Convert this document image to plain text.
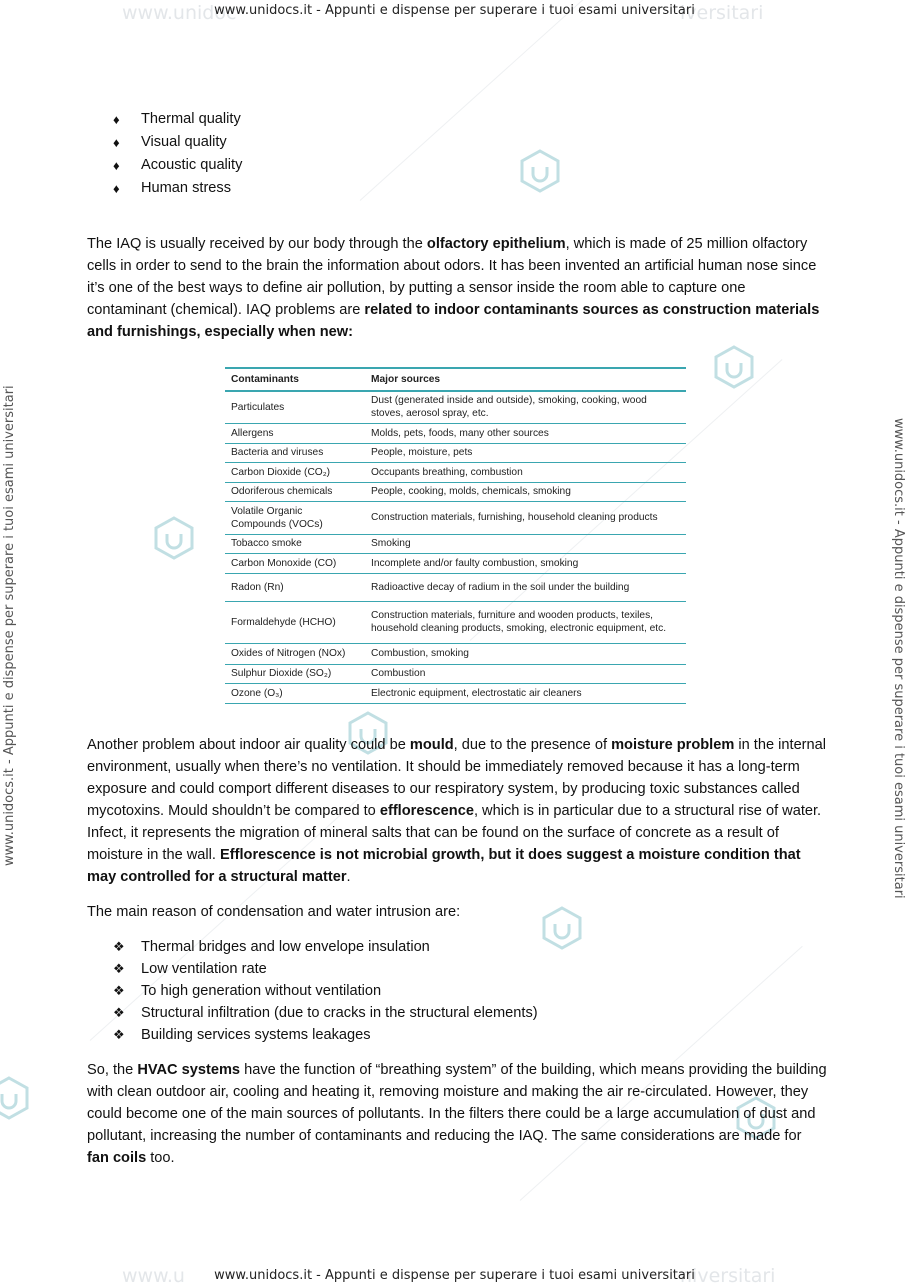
www.unidoc	iversitari
www.unidocs.it - Appunti e dispense per superare i tuoi esami universitari
www.u	niversitari
www.unidocs.it - Appunti e dispense per superare i tuoi esami universitari
www.unidocs.it - Appunti e dispense per superare i tuoi esami universitari	www.unidocs.it - Appunti e dispense per superare i tuoi esami universitari
♦	Thermal quality
♦	Visual quality
♦	Acoustic quality
♦	Human stress

The IAQ is usually received by our body through the olfactory epithelium, which is made of 25 million olfactory cells in order to send to the brain the information about odors. It has been invented an artificial human nose since it’s one of the best ways to define air pollution, by putting a sensor inside the room able to capture one contaminant (chemical). IAQ problems are related to indoor contaminants sources as construction materials and furnishings, especially when new:

Contaminants	Major sources
Particulates	Dust (generated inside and outside), smoking, cooking, wood stoves, aerosol spray, etc.
Allergens	Molds, pets, foods, many other sources
Bacteria and viruses	People, moisture, pets
Carbon Dioxide (CO₂)	Occupants breathing, combustion
Odoriferous chemicals	People, cooking, molds, chemicals, smoking
Volatile Organic Compounds (VOCs)	Construction materials, furnishing, household cleaning products
Tobacco smoke	Smoking
Carbon Monoxide (CO)	Incomplete and/or faulty combustion, smoking
Radon (Rn)	Radioactive decay of radium in the soil under the building
Formaldehyde (HCHO)	Construction materials, furniture and wooden products, texiles, household cleaning products, smoking, electronic equipment, etc.
Oxides of Nitrogen (NOx)	Combustion, smoking
Sulphur Dioxide (SO₂)	Combustion
Ozone (O₃)	Electronic equipment, electrostatic air cleaners

Another problem about indoor air quality could be mould, due to the presence of moisture problem in the internal environment, usually when there’s no ventilation. It should be immediately removed because it has a long-term exposure and could comport different diseases to our respiratory system, by producing toxic substances called mycotoxins. Mould shouldn’t be compared to efflorescence, which is in particular due to a structural rise of water. Infect, it represents the migration of mineral salts that can be found on the surface of concrete as a result of moisture in the wall. Efflorescence is not microbial growth, but it does suggest a moisture condition that may controlled for a structural matter.

The main reason of condensation and water intrusion are:

❖	Thermal bridges and low envelope insulation
❖	Low ventilation rate
❖	To high generation without ventilation
❖	Structural infiltration (due to cracks in the structural elements)
❖	Building services systems leakages

So, the HVAC systems have the function of “breathing system” of the building, which means providing the building with clean outdoor air, cooling and heating it, removing moisture and making the air re-circulated. However, they could become one of the main sources of pollutants. In the filters there could be a large accumulation of dust and pollutant, increasing the number of contaminants and reducing the IAQ. The same considerations are made for fan coils too.
